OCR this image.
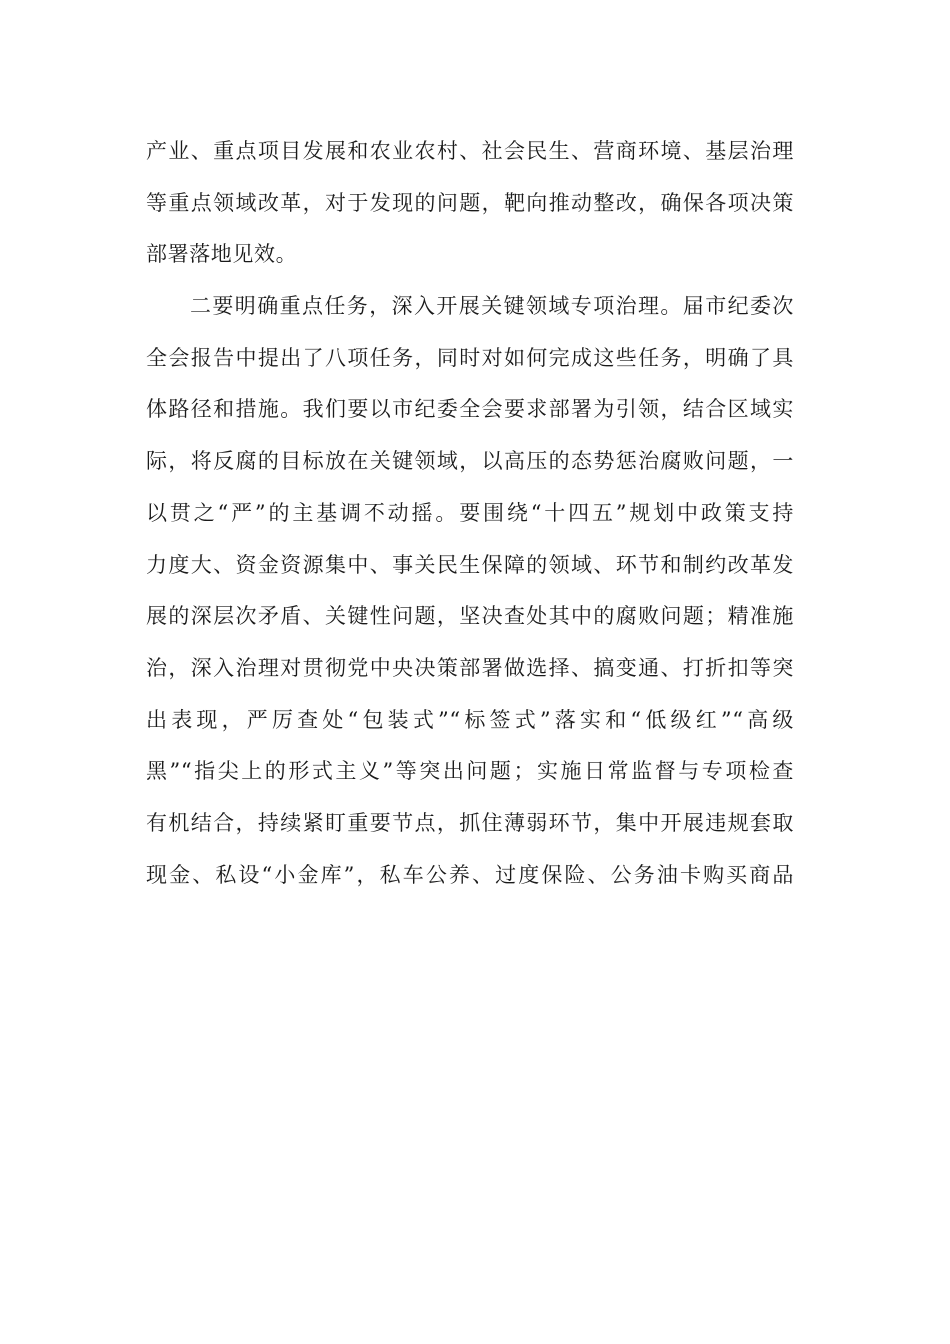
产业、重点项目发展和农业农村、社会民生、营商环境、基层治理
等重点领域改革，对于发现的问题，靶向推动整改，确保各项决策
部署落地见效。
二要明确重点任务，深入开展关键领域专项治理。届市纪委次
全会报告中提出了八项任务，同时对如何完成这些任务，明确了具
体路径和措施。我们要以市纪委全会要求部署为引领，结合区域实
际，将反腐的目标放在关键领域，以高压的态势惩治腐败问题，一
以贯之“严”的主基调不动摇。要围绕“十四五”规划中政策支持
力度大、资金资源集中、事关民生保障的领域、环节和制约改革发
展的深层次矛盾、关键性问题，坚决查处其中的腐败问题；精准施
治，深入治理对贯彻党中央决策部署做选择、搞变通、打折扣等突
出表现，严厉查处“包装式”“标签式”落实和“低级红”“高级
黑”“指尖上的形式主义”等突出问题；实施日常监督与专项检查
有机结合，持续紧盯重要节点，抓住薄弱环节，集中开展违规套取
现金、私设“小金库”，私车公养、过度保险、公务油卡购买商品
